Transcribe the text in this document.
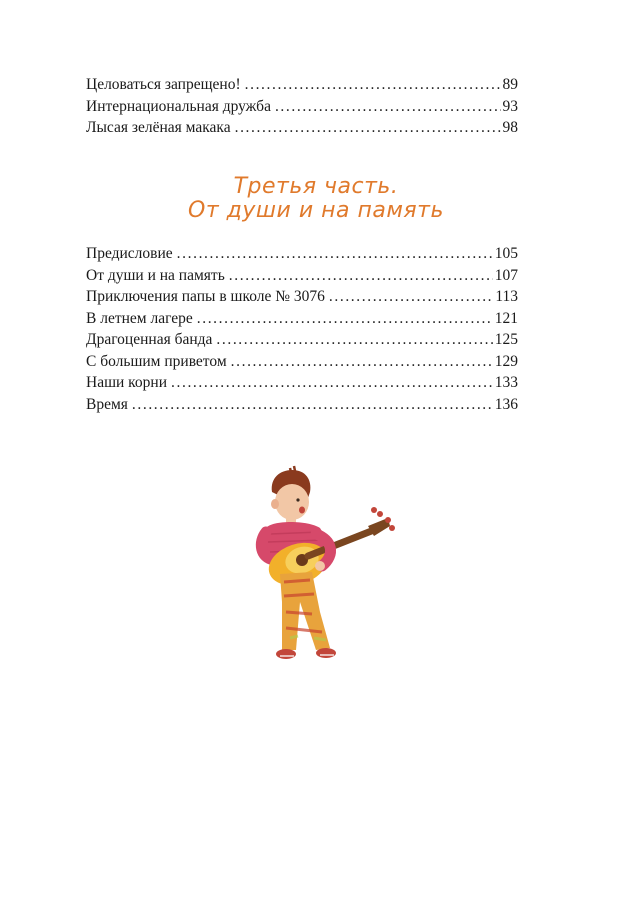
Целоваться запрещено! .....	89
Интернациональная дружба .....	93
Лысая зелёная макака .....	98
Третья часть.
От души и на память
Предисловие .....	105
От души и на память .....	107
Приключения папы в школе № 3076 .....	113
В летнем лагере .....	121
Драгоценная банда .....	125
С большим приветом .....	129
Наши корни .....	133
Время .....	136
